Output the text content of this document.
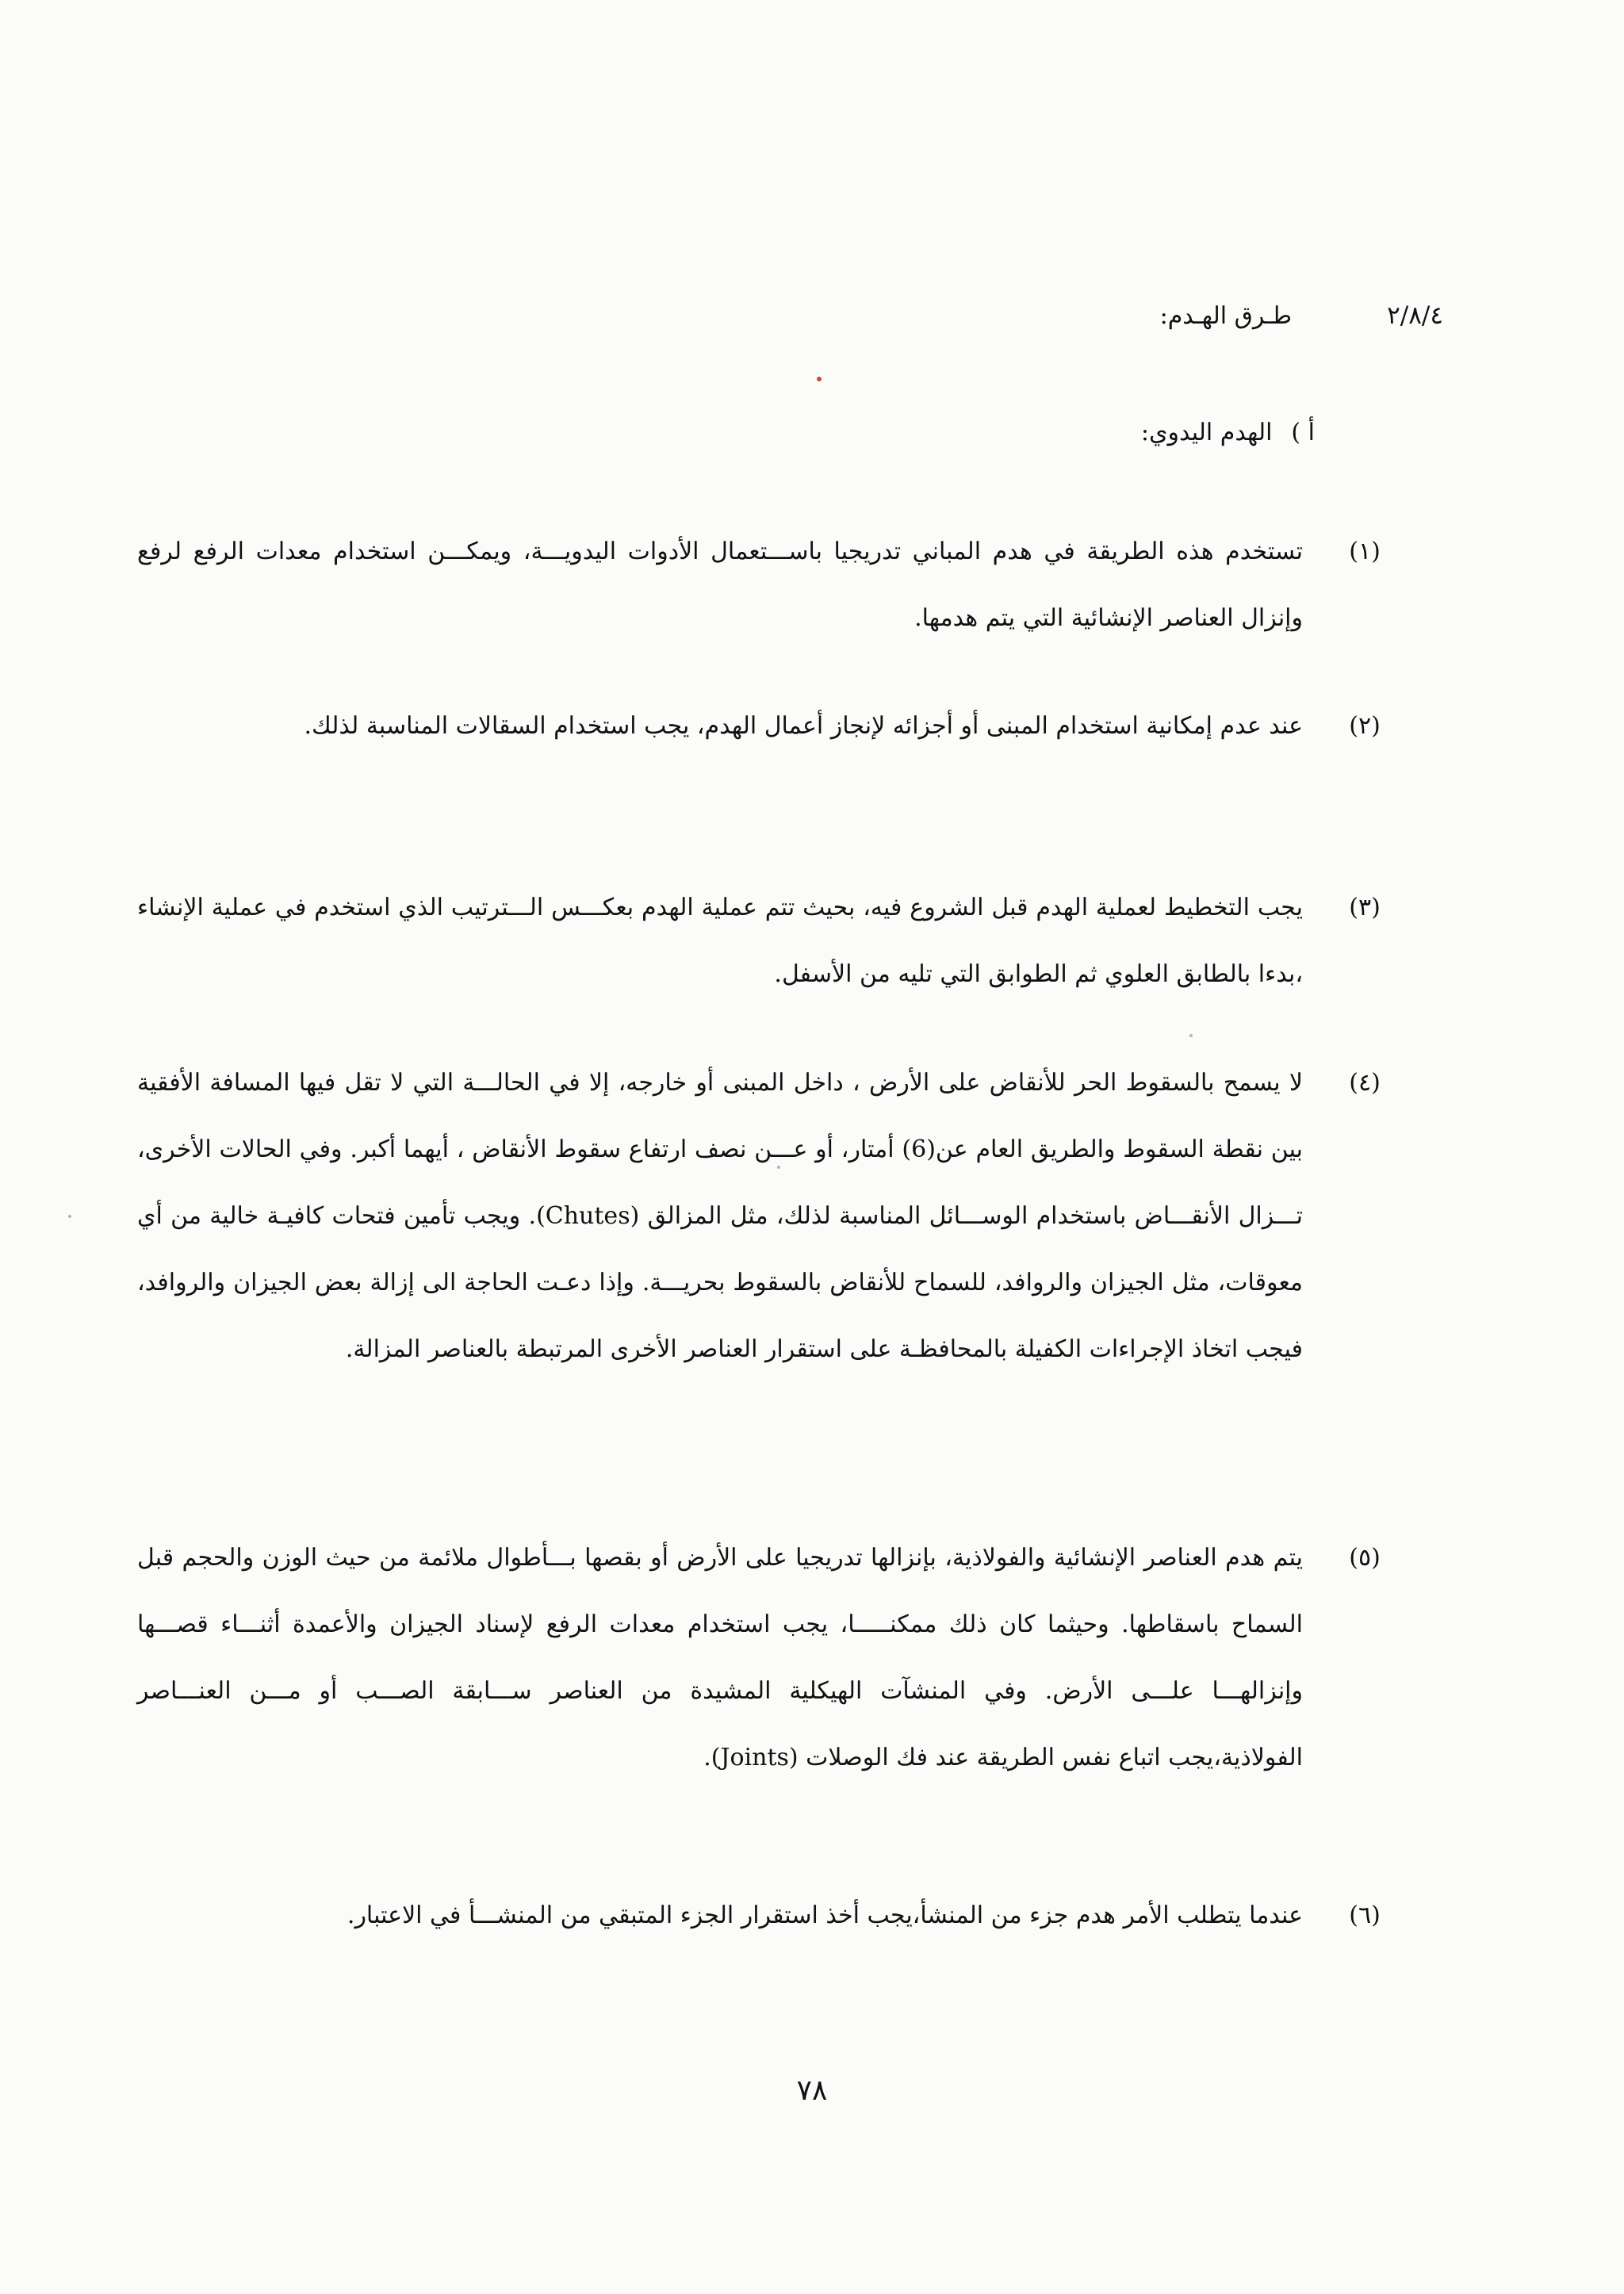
٢/٨/٤
طـرق الهـدم:
أ )
الهدم اليدوي:
(١)
تستخدم هذه الطريقة في هدم المباني تدريجيا باســـتعمال الأدوات اليدويـــة، ويمكـــن استخدام معدات الرفع لرفع وإنزال العناصر الإنشائية التي يتم هدمها.
(٢)
عند عدم إمكانية استخدام المبنى أو أجزائه لإنجاز أعمال الهدم، يجب استخدام السقالات المناسبة لذلك.
(٣)
يجب التخطيط لعملية الهدم قبل الشروع فيه، بحيث تتم عملية الهدم بعكـــس الـــترتيب الذي استخدم في عملية الإنشاء ،بدءا بالطابق العلوي ثم الطوابق التي تليه من الأسفل.
(٤)
لا يسمح بالسقوط الحر للأنقاض على الأرض ، داخل المبنى أو خارجه، إلا في الحالـــة التي لا تقل فيها المسافة الأفقية بين نقطة السقوط والطريق العام عن(6) أمتار، أو عـــن نصف ارتفاع سقوط الأنقاض ، أيهما أكبر. وفي الحالات الأخرى، تـــزال الأنقـــاض باستخدام الوســـائل المناسبة لذلك، مثل المزالق (Chutes). ويجب تأمين فتحات كافيـة خالية من أي معوقات، مثل الجيزان والروافد، للسماح للأنقاض بالسقوط بحريـــة. وإذا دعـت الحاجة الى إزالة بعض الجيزان والروافد، فيجب اتخاذ الإجراءات الكفيلة بالمحافظـة على استقرار العناصر الأخرى المرتبطة بالعناصر المزالة.
(٥)
يتم هدم العناصر الإنشائية والفولاذية، بإنزالها تدريجيا على الأرض أو بقصها بـــأطوال ملائمة من حيث الوزن والحجم قبل السماح باسقاطها. وحيثما كان ذلك ممكنـــــا، يجب استخدام معدات الرفع لإسناد الجيزان والأعمدة أثنـــاء قصـــها وإنزالهـــا علـــى الأرض. وفي المنشآت الهيكلية المشيدة من العناصر ســـابقة الصـــب أو مـــن العنـــاصر الفولاذية،يجب اتباع نفس الطريقة عند فك الوصلات (Joints).
(٦)
عندما يتطلب الأمر هدم جزء من المنشأ،يجب أخذ استقرار الجزء المتبقي من المنشـــأ في الاعتبار.
٧٨
